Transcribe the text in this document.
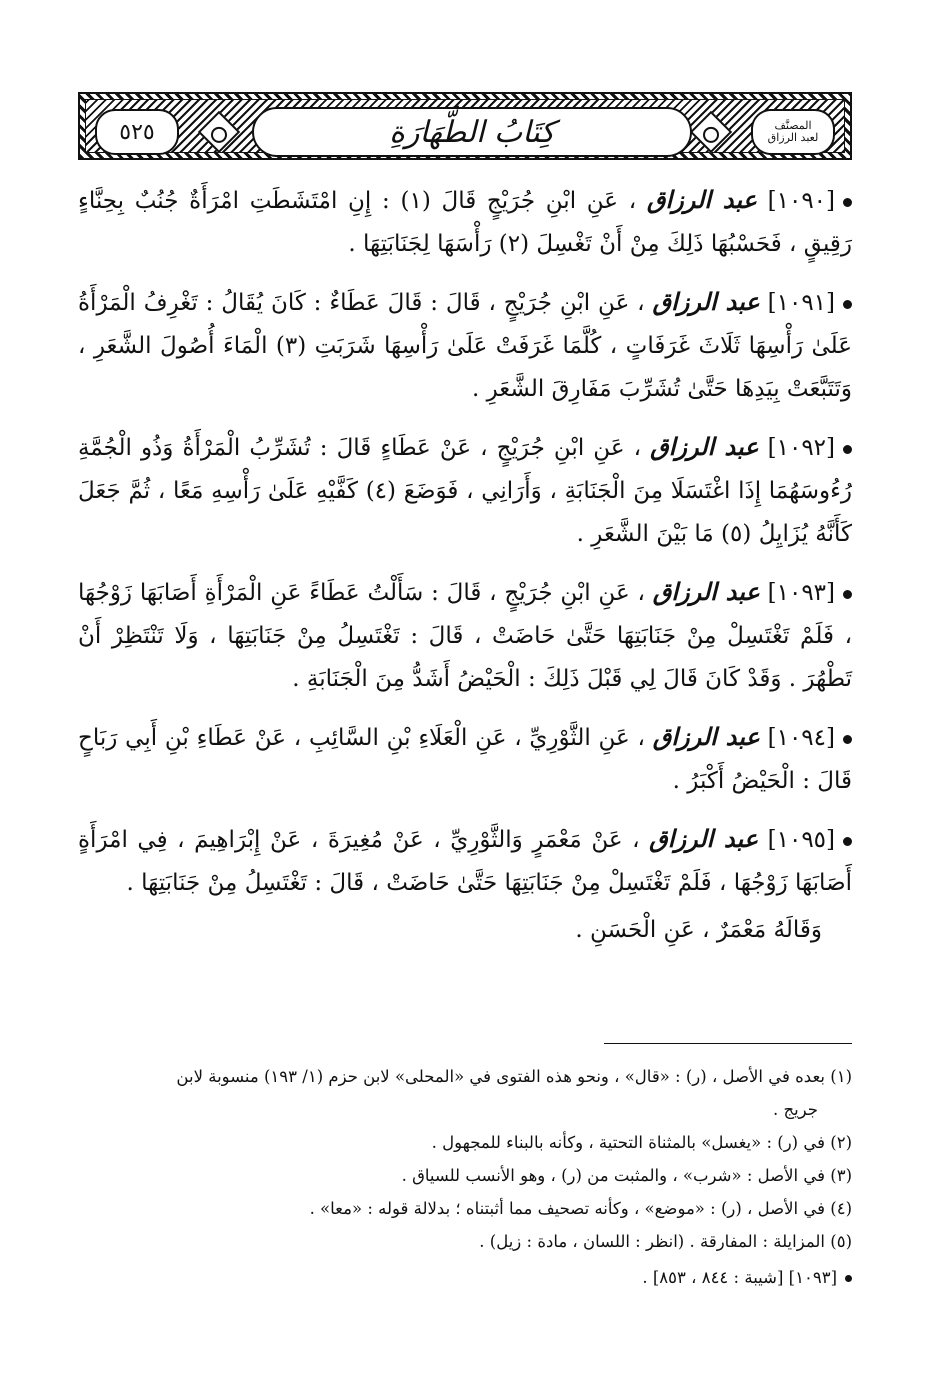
المصنَّف
لعبد الرزاق
كِتَابُ الطَّهَارَةِ
٥٢٥

[١٠٩٠] عبد الرزاق ، عَنِ ابْنِ جُرَيْجٍ قَالَ (١) : إِنِ امْتَشَطَتِ امْرَأَةٌ جُنُبٌ بِحِنَّاءٍ رَقِيقٍ ، فَحَسْبُهَا ذَلِكَ مِنْ أَنْ تَغْسِلَ (٢) رَأْسَهَا لِجَنَابَتِهَا .

[١٠٩١] عبد الرزاق ، عَنِ ابْنِ جُرَيْجٍ ، قَالَ : قَالَ عَطَاءٌ : كَانَ يُقَالُ : تَغْرِفُ الْمَرْأَةُ عَلَىٰ رَأْسِهَا ثَلَاثَ غَرَفَاتٍ ، كُلَّمَا غَرَفَتْ عَلَىٰ رَأْسِهَا شَرَبَتِ (٣) الْمَاءَ أُصُولَ الشَّعَرِ ، وَتَتَبَّعَتْ بِيَدِهَا حَتَّىٰ تُشَرِّبَ مَفَارِقَ الشَّعَرِ .

[١٠٩٢] عبد الرزاق ، عَنِ ابْنِ جُرَيْجٍ ، عَنْ عَطَاءٍ قَالَ : تُشَرِّبُ الْمَرْأَةُ وَذُو الْجُمَّةِ رُءُوسَهُمَا إِذَا اغْتَسَلَا مِنَ الْجَنَابَةِ ، وَأَرَانِي ، فَوَضَعَ (٤) كَفَّيْهِ عَلَىٰ رَأْسِهِ مَعًا ، ثُمَّ جَعَلَ كَأَنَّهُ يُزَايِلُ (٥) مَا بَيْنَ الشَّعَرِ .

[١٠٩٣] عبد الرزاق ، عَنِ ابْنِ جُرَيْجٍ ، قَالَ : سَأَلْتُ عَطَاءً عَنِ الْمَرْأَةِ أَصَابَهَا زَوْجُهَا ، فَلَمْ تَغْتَسِلْ مِنْ جَنَابَتِهَا حَتَّىٰ حَاضَتْ ، قَالَ : تَغْتَسِلُ مِنْ جَنَابَتِهَا ، وَلَا تَنْتَظِرْ أَنْ تَطْهُرَ . وَقَدْ كَانَ قَالَ لِي قَبْلَ ذَلِكَ : الْحَيْضُ أَشَدُّ مِنَ الْجَنَابَةِ .

[١٠٩٤] عبد الرزاق ، عَنِ الثَّوْرِيِّ ، عَنِ الْعَلَاءِ بْنِ السَّائِبِ ، عَنْ عَطَاءِ بْنِ أَبِي رَبَاحٍ قَالَ : الْحَيْضُ أَكْبَرُ .

[١٠٩٥] عبد الرزاق ، عَنْ مَعْمَرٍ وَالثَّوْرِيِّ ، عَنْ مُغِيرَةَ ، عَنْ إِبْرَاهِيمَ ، فِي امْرَأَةٍ أَصَابَهَا زَوْجُهَا ، فَلَمْ تَغْتَسِلْ مِنْ جَنَابَتِهَا حَتَّىٰ حَاضَتْ ، قَالَ : تَغْتَسِلُ مِنْ جَنَابَتِهَا .

وَقَالَهُ مَعْمَرٌ ، عَنِ الْحَسَنِ .

(١) بعده في الأصل ، (ر) : «قال» ، ونحو هذه الفتوى في «المحلى» لابن حزم (١/ ١٩٣) منسوبة لابن

جريج .

(٢) في (ر) : «يغسل» بالمثناة التحتية ، وكأنه بالبناء للمجهول .

(٣) في الأصل : «شرب» ، والمثبت من (ر) ، وهو الأنسب للسياق .

(٤) في الأصل ، (ر) : «موضع» ، وكأنه تصحيف مما أثبتناه ؛ بدلالة قوله : «معا» .

(٥) المزايلة : المفارقة . (انظر : اللسان ، مادة : زيل) .

[١٠٩٣] [شيبة : ٨٤٤ ، ٨٥٣] .
